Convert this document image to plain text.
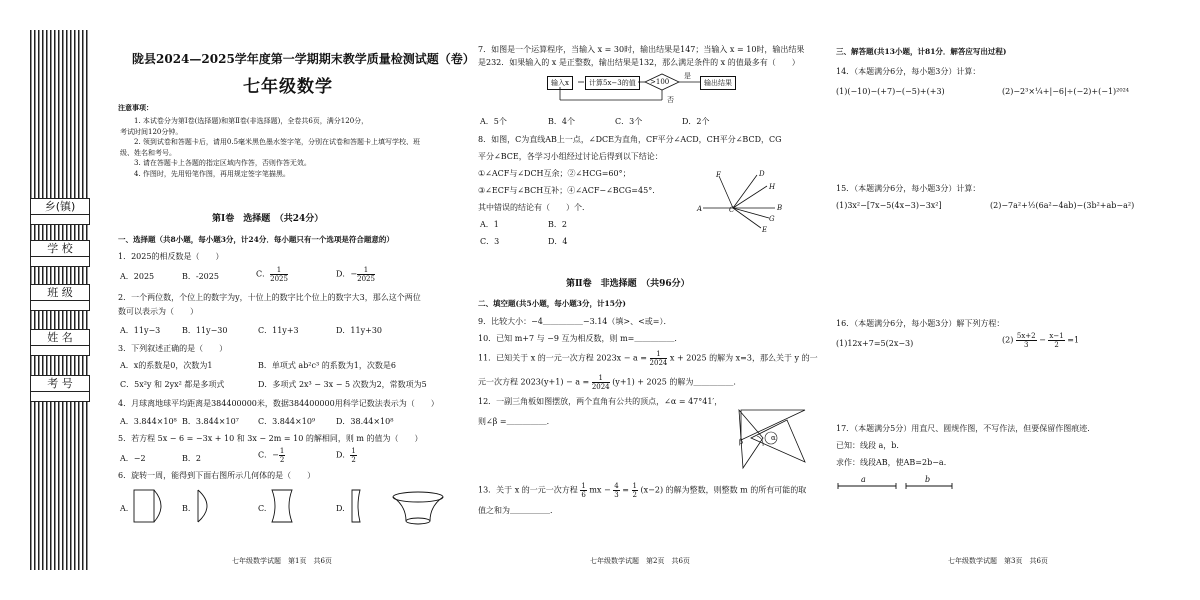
乡(镇)
学 校
班 级
姓 名
考 号
陇县2024—2025学年度第一学期期末教学质量检测试题（卷）
七年级数学
注意事项：
1. 本试卷分为第Ⅰ卷(选择题)和第Ⅱ卷(非选择题)，全卷共6页，满分120分，
考试时间120分钟。
2. 领到试卷和答题卡后，请用0.5毫米黑色墨水签字笔，分别在试卷和答题卡上填写学校、班
级、姓名和考号。
3. 请在答题卡上各题的指定区域内作答，否则作答无效。
4. 作图时，先用铅笔作图，再用规定签字笔描黑。
第Ⅰ卷　选择题　（共24分）
一、选择题（共8小题，每小题3分，计24分．每小题只有一个选项是符合题意的）
1．2025的相反数是（　　）
A．2025	B．-2025	C． $\frac{1}{2025}$	D．− $\frac{1}{2025}$
2．一个两位数，个位上的数字为y，十位上的数字比个位上的数字大3，那么这个两位
数可以表示为（　　）
A．11y−3	B．11y−30	C．11y+3	D．11y+30
3．下列叙述正确的是（　　）
A．x的系数是0，次数为1	B．单项式 ab²c³ 的系数为1，次数是6
C．5x²y 和 2yx² 都是多项式	D．多项式 2x³ − 3x − 5 次数为2，常数项为5
4．月球离地球平均距离是384400000米，数据384400000用科学记数法表示为（　　）
A．3.844×10⁸ B．3.844×10⁷ C．3.844×10⁹	D．38.44×10⁸
5．若方程 5x − 6 = −3x + 10 和 3x − 2m = 10 的解相同，则 m 的值为（　　）
A．−2	B．2	C．− $\frac{1}{2}$	D． $\frac{1}{2}$
6．旋转一周，能得到下面右图所示几何体的是（　　）
A.	B.	C.	D.
七年级数学试题　第1页　共6页
7．如图是一个运算程序，当输入 x = 30时，输出结果是147；当输入 x = 10时，输出结果
是232．如果输入的 x 是正整数，输出结果是132，那么满足条件的 x 的值最多有（　　）
输入x	计算5x−3的值	>100
是
否
输出结果
A．5个	B．4个	C．3个	D．2个
8．如图，C为直线AB上一点，∠DCE为直角，CF平分∠ACD，CH平分∠BCD，CG
平分∠BCE，各学习小组经过讨论后得到以下结论：
①∠ACF与∠DCH互余；②∠HCG=60°；
③∠ECF与∠BCH互补；④∠ACF−∠BCG=45°．
其中错误的结论有（　　）个．
A．1	B．2
C．3	D．4
F	D
H
A	C	B
G
E
第Ⅱ卷　非选择题　（共96分）
二、填空题(共5小题，每小题3分，计15分)
9．比较大小：−4＿＿＿＿＿−3.14（填>、<或=）．
10．已知 m+7 与 −9 互为相反数，则 m=＿＿＿＿＿．
11．已知关于 x 的一元一次方程 $2023x - a = \frac{1}{2024}$ x + 2025 的解为 x=3，那么关于 y 的一
元一次方程 $2023(y+1) - a = \frac{1}{2024} (y+1) + 2025$ 的解为＿＿＿＿＿．
12．一副三角板如图摆放，两个直角有公共的顶点，∠α = 47°41′，
则∠β =＿＿＿＿＿．
β	α
13．关于 x 的一元一次方程 $\frac{1}{6}$ mx − $\frac{4}{3} = \frac{1}{2} (x-2)$ 的解为整数，则整数 m 的所有可能的取
值之和为＿＿＿＿＿．
七年级数学试题　第2页　共6页
三、解答题(共13小题，计81分．解答应写出过程)
14．（本题满分6分，每小题3分）计算：
(1)(−10)−(+7)−(−5)+(+3)	(2)−2³×¼+|−6|÷(−2)+(−1)²⁰²⁴
15．（本题满分6分，每小题3分）计算：
(1)3x²−[7x−5(4x−3)−3x²]	(2)−7a²+½(6a²−4ab)−(3b²+ab−a²)
16．（本题满分6分，每小题3分）解下列方程：
(1)12x+7=5(2x−3)	$(2) \frac{5x+2}{3} - \frac{x-1}{2} =1$
17．（本题满分5分）用直尺、圆规作图，不写作法，但要保留作图痕迹．
已知：线段 a，b．
求作：线段AB，使AB=2b−a．
a	b
七年级数学试题　第3页　共6页
